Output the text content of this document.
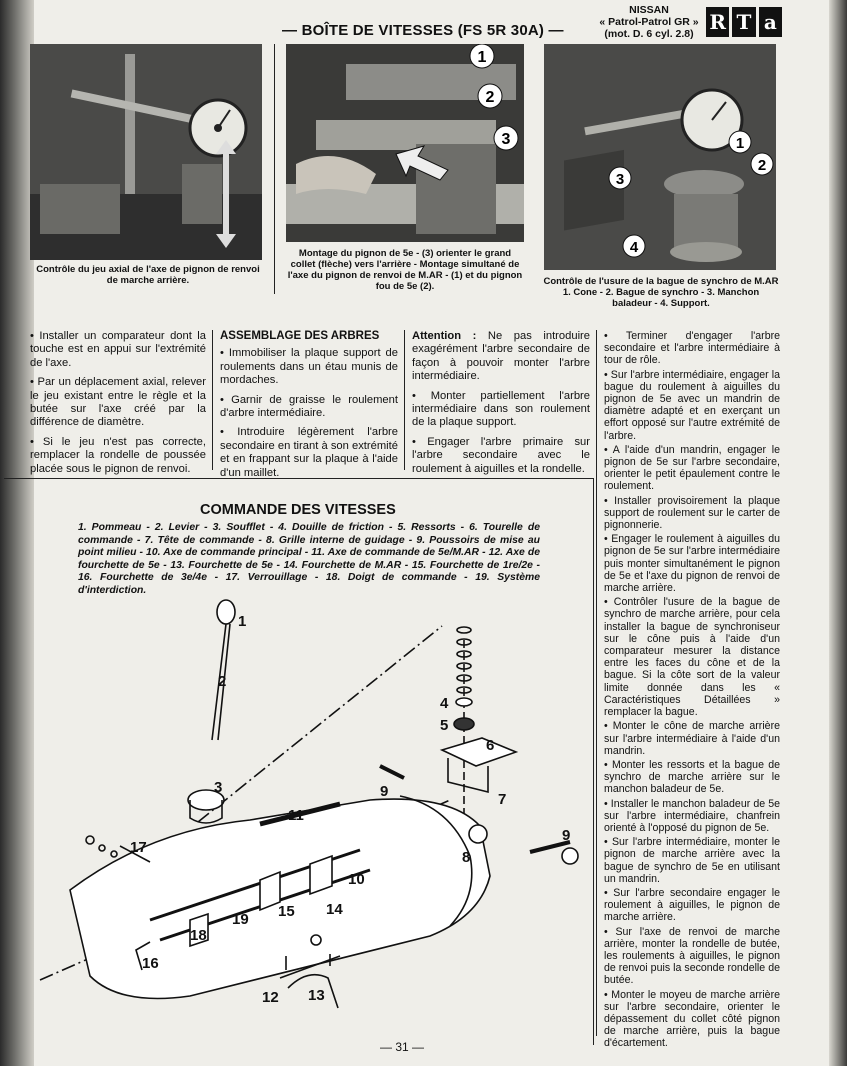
— BOÎTE DE VITESSES (FS 5R 30A) —
NISSAN
« Patrol-Patrol GR »
(mot. D. 6 cyl. 2.8) R T a
Contrôle du jeu axial de l'axe de pignon de renvoi de marche arrière.
1
2
3
Montage du pignon de 5e - (3) orienter le grand collet (flèche) vers l'arrière - Montage simultané de l'axe du pignon de renvoi de M.AR - (1) et du pignon fou de 5e (2).
1
2
3
4
Contrôle de l'usure de la bague de synchro de M.AR
1. Cone - 2. Bague de synchro - 3. Manchon baladeur - 4. Support.

• Installer un comparateur dont la touche est en appui sur l'extrémité de l'axe.

• Par un déplacement axial, relever le jeu existant entre le règle et la butée sur l'axe créé par la différence de diamètre.

• Si le jeu n'est pas correcte, remplacer la rondelle de poussée placée sous le pignon de renvoi.

ASSEMBLAGE DES ARBRES

• Immobiliser la plaque support de roulements dans un étau munis de mordaches.

• Garnir de graisse le roulement d'arbre intermédiaire.

• Introduire légèrement l'arbre secondaire en tirant à son extrémité et en frappant sur la plaque à l'aide d'un maillet.

Attention : Ne pas introduire exagérément l'arbre secondaire de façon à pouvoir monter l'arbre intermédiaire.

• Monter partiellement l'arbre intermédiaire dans son roulement de la plaque support.

• Engager l'arbre primaire sur l'arbre secondaire avec le roulement à aiguilles et la rondelle.

• Terminer d'engager l'arbre secondaire et l'arbre intermédiaire à tour de rôle.

• Sur l'arbre intermédiaire, engager la bague du roulement à aiguilles du pignon de 5e avec un mandrin de diamètre adapté et en exerçant un effort opposé sur l'autre extrémité de l'arbre.

• A l'aide d'un mandrin, engager le pignon de 5e sur l'arbre secondaire, orienter le petit épaulement contre le roulement.

• Installer provisoirement la plaque support de roulement sur le carter de pignonnerie.

• Engager le roulement à aiguilles du pignon de 5e sur l'arbre intermédiaire puis monter simultanément le pignon de 5e et l'axe du pignon de renvoi de marche arrière.

• Contrôler l'usure de la bague de synchro de marche arrière, pour cela installer la bague de synchroniseur sur le cône puis à l'aide d'un comparateur mesurer la distance entre les faces du cône et de la bague. Si la côte sort de la valeur limite donnée dans les « Caractéristiques Détaillées » remplacer la bague.

• Monter le cône de marche arrière sur l'arbre intermédiaire à l'aide d'un mandrin.

• Monter les ressorts et la bague de synchro de marche arrière sur le manchon baladeur de 5e.

• Installer le manchon baladeur de 5e sur l'arbre intermédiaire, chanfrein orienté à l'opposé du pignon de 5e.

• Sur l'arbre intermédiaire, monter le pignon de marche arrière avec la bague de synchro de 5e en utilisant un mandrin.

• Sur l'arbre secondaire engager le roulement à aiguilles, le pignon de marche arrière.

• Sur l'axe de renvoi de marche arrière, monter la rondelle de butée, les roulements à aiguilles, le pignon de renvoi puis la seconde rondelle de butée.

• Monter le moyeu de marche arrière sur l'arbre secondaire, orienter le dépassement du collet côté pignon de marche arrière, puis la bague d'écartement.

COMMANDE DES VITESSES
1. Pommeau - 2. Levier - 3. Soufflet - 4. Douille de friction - 5. Ressorts - 6. Tourelle de commande - 7. Tête de commande - 8. Grille interne de guidage - 9. Poussoirs de mise au point milieu - 10. Axe de commande principal - 11. Axe de commande de 5e/M.AR - 12. Axe de fourchette de 5e - 13. Fourchette de 5e - 14. Fourchette de M.AR - 15. Fourchette de 1re/2e - 16. Fourchette de 3e/4e - 17. Verrouillage - 18. Doigt de commande - 19. Système d'interdiction.
1
2
3
4
5
6
7
8
9
9
10
11
12 13
14
15
16
17
18
19
— 31 —
